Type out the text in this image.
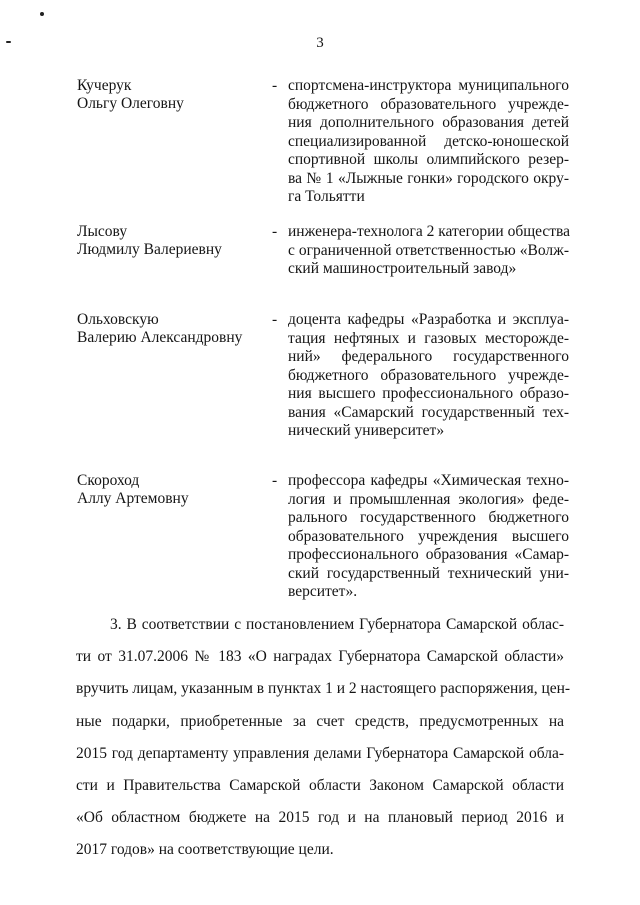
3
Кучерук
Ольгу Олеговну
- спортсмена-инструктора муниципального
бюджетного образовательного учрежде-
ния дополнительного образования детей
специализированной детско-юношеской
спортивной школы олимпийского резер-
ва № 1 «Лыжные гонки» городского окру-
га Тольятти
Лысову
Людмилу Валериевну
- инженера-технолога 2 категории общества
с ограниченной ответственностью «Волж-
ский машиностроительный завод»
Ольховскую
Валерию Александровну
- доцента кафедры «Разработка и эксплуа-
тация нефтяных и газовых месторожде-
ний» федерального государственного
бюджетного образовательного учрежде-
ния высшего профессионального образо-
вания «Самарский государственный тех-
нический университет»
Скороход
Аллу Артемовну
- профессора кафедры «Химическая техно-
логия и промышленная экология» феде-
рального государственного бюджетного
образовательного учреждения высшего
профессионального образования «Самар-
ский государственный технический уни-
верситет».
3. В соответствии с постановлением Губернатора Самарской облас-
ти от 31.07.2006 № 183 «О наградах Губернатора Самарской области»
вручить лицам, указанным в пунктах 1 и 2 настоящего распоряжения, цен-
ные подарки, приобретенные за счет средств, предусмотренных на
2015 год департаменту управления делами Губернатора Самарской обла-
сти и Правительства Самарской области Законом Самарской области
«Об областном бюджете на 2015 год и на плановый период 2016 и
2017 годов» на соответствующие цели.
